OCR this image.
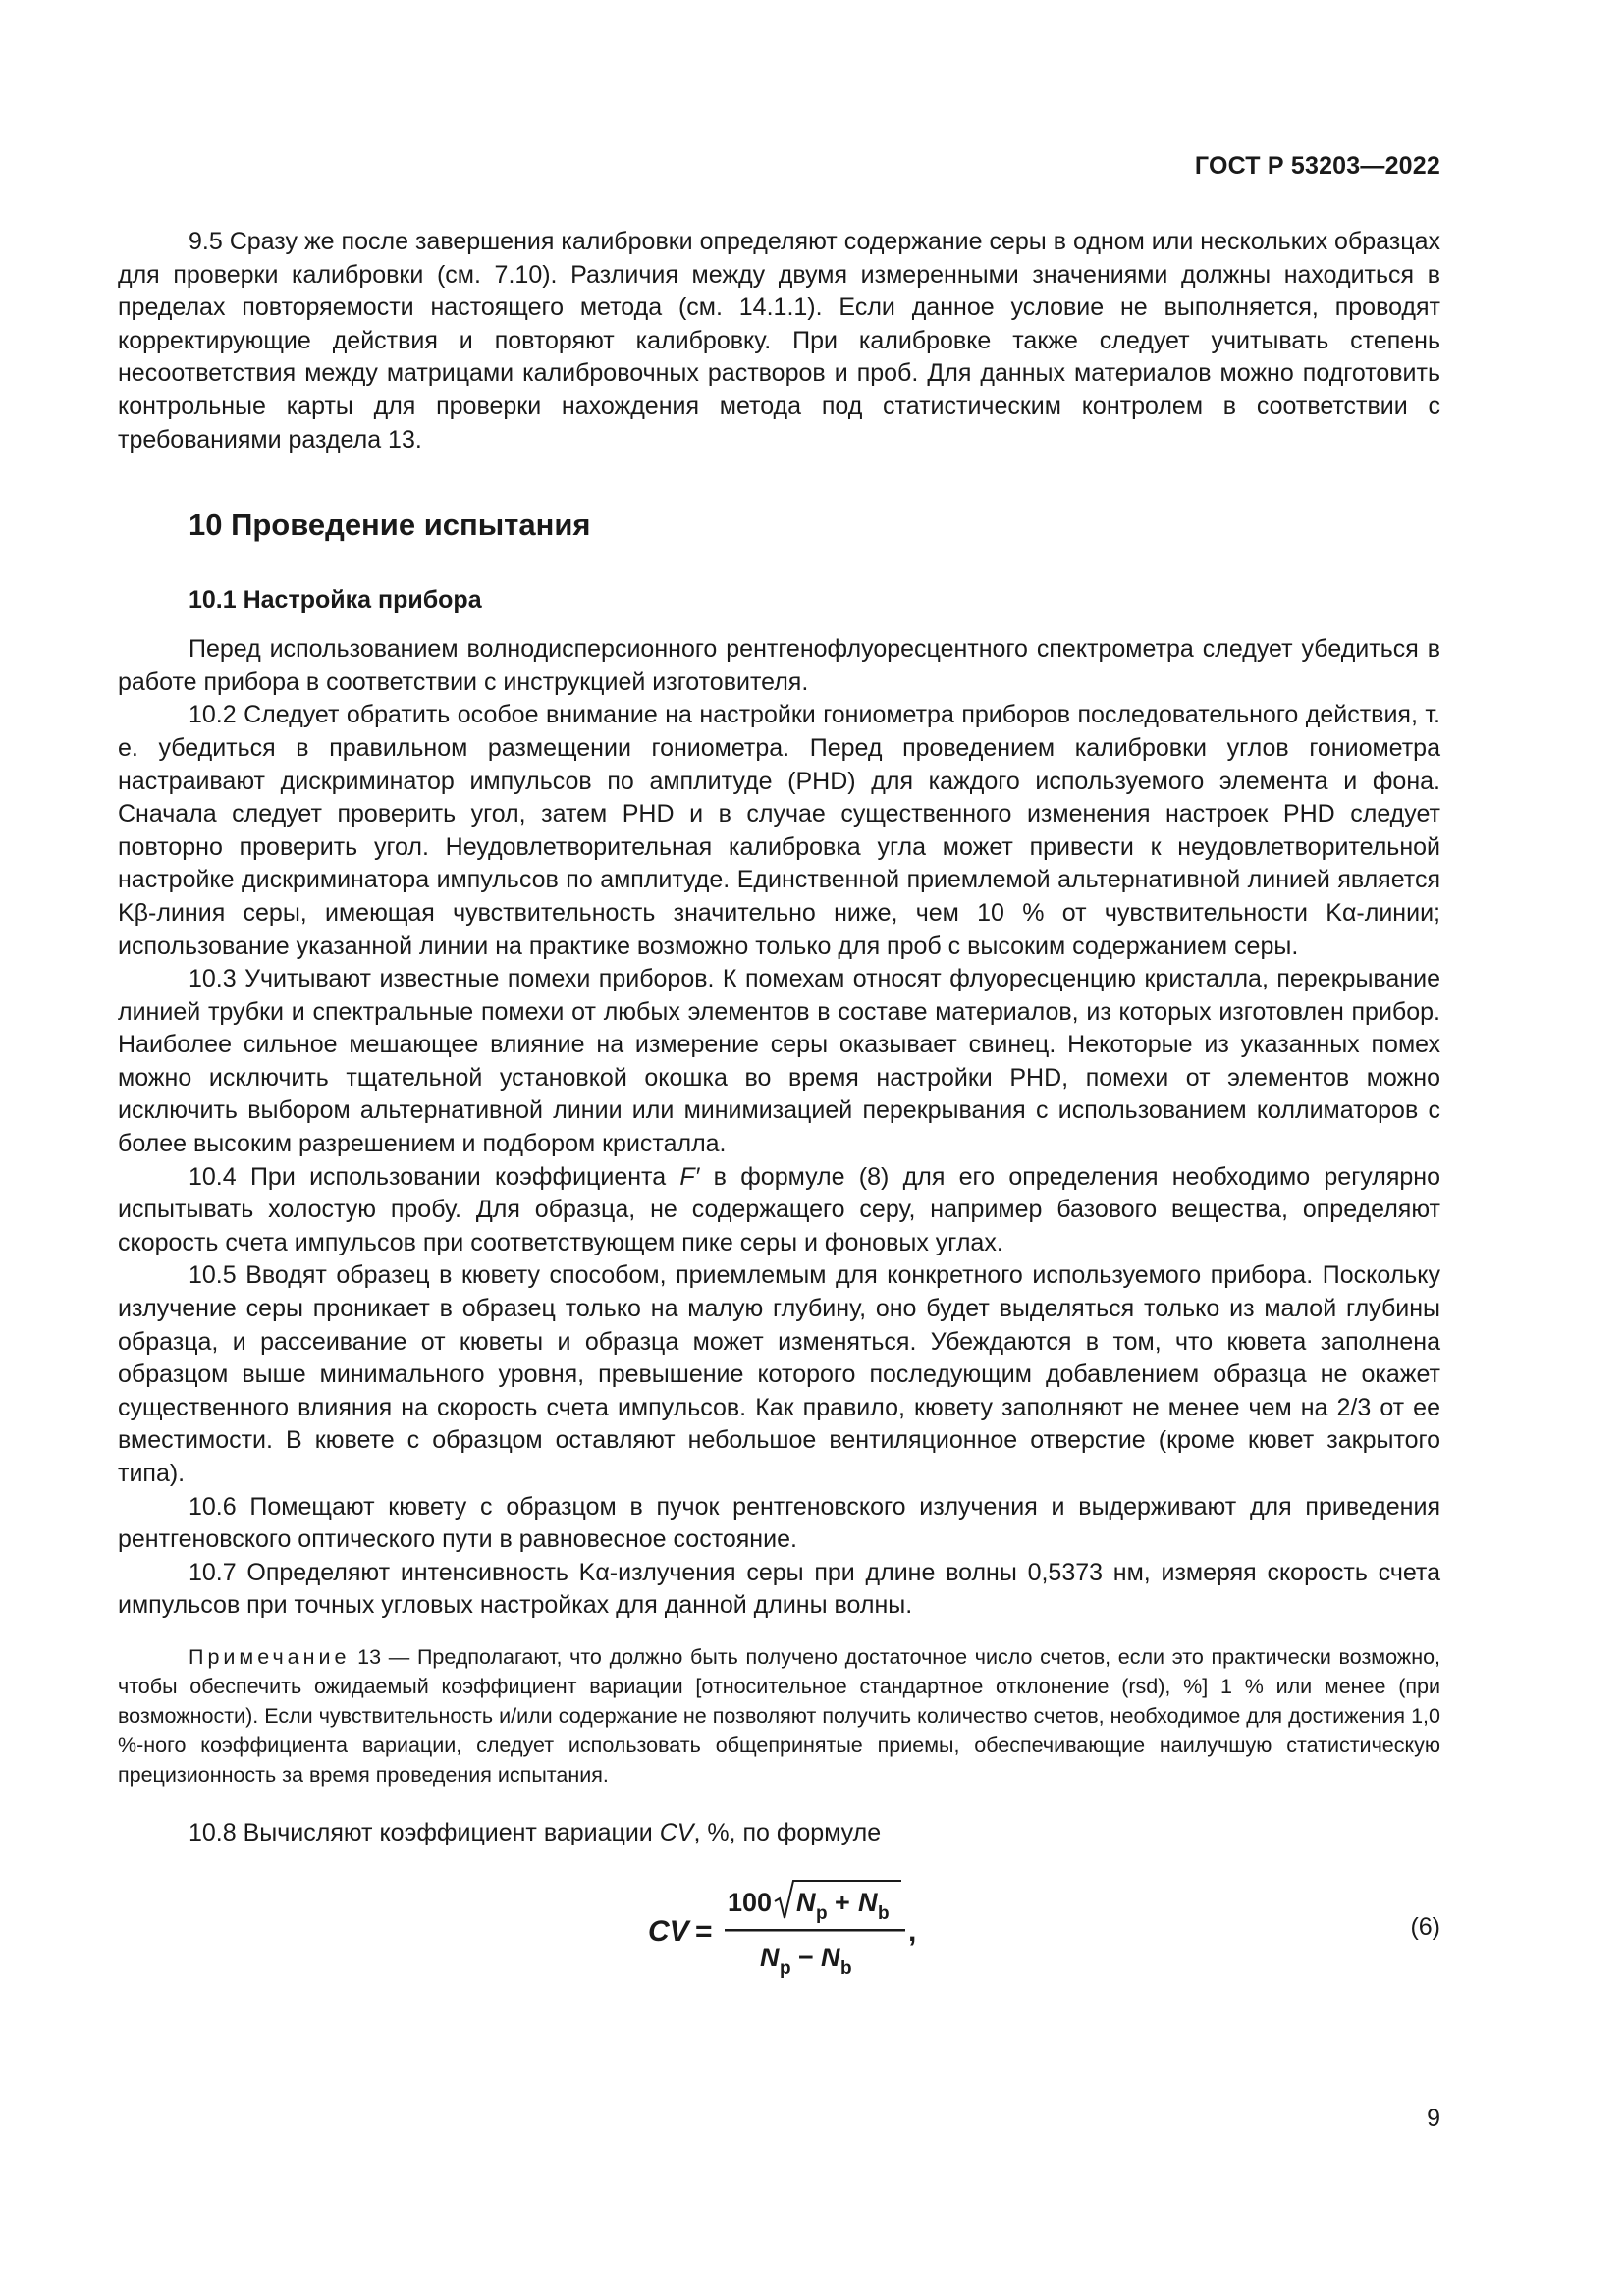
ГОСТ Р 53203—2022

9.5 Сразу же после завершения калибровки определяют содержание серы в одном или нескольких образцах для проверки калибровки (см. 7.10). Различия между двумя измеренными значениями должны находиться в пределах повторяемости настоящего метода (см. 14.1.1). Если данное условие не выполняется, проводят корректирующие действия и повторяют калибровку. При калибровке также следует учитывать степень несоответствия между матрицами калибровочных растворов и проб. Для данных материалов можно подготовить контрольные карты для проверки нахождения метода под статистическим контролем в соответствии с требованиями раздела 13.

10 Проведение испытания
10.1 Настройка прибора

Перед использованием волнодисперсионного рентгенофлуоресцентного спектрометра следует убедиться в работе прибора в соответствии с инструкцией изготовителя.

10.2 Следует обратить особое внимание на настройки гониометра приборов последовательного действия, т. е. убедиться в правильном размещении гониометра. Перед проведением калибровки углов гониометра настраивают дискриминатор импульсов по амплитуде (PHD) для каждого используемого элемента и фона. Сначала следует проверить угол, затем PHD и в случае существенного изменения настроек PHD следует повторно проверить угол. Неудовлетворительная калибровка угла может привести к неудовлетворительной настройке дискриминатора импульсов по амплитуде. Единственной приемлемой альтернативной линией является Kβ-линия серы, имеющая чувствительность значительно ниже, чем 10 % от чувствительности Kα-линии; использование указанной линии на практике возможно только для проб с высоким содержанием серы.

10.3 Учитывают известные помехи приборов. К помехам относят флуоресценцию кристалла, перекрывание линией трубки и спектральные помехи от любых элементов в составе материалов, из которых изготовлен прибор. Наиболее сильное мешающее влияние на измерение серы оказывает свинец. Некоторые из указанных помех можно исключить тщательной установкой окошка во время настройки PHD, помехи от элементов можно исключить выбором альтернативной линии или минимизацией перекрывания с использованием коллиматоров с более высоким разрешением и подбором кристалла.

10.4 При использовании коэффициента F′ в формуле (8) для его определения необходимо регулярно испытывать холостую пробу. Для образца, не содержащего серу, например базового вещества, определяют скорость счета импульсов при соответствующем пике серы и фоновых углах.

10.5 Вводят образец в кювету способом, приемлемым для конкретного используемого прибора. Поскольку излучение серы проникает в образец только на малую глубину, оно будет выделяться только из малой глубины образца, и рассеивание от кюветы и образца может изменяться. Убеждаются в том, что кювета заполнена образцом выше минимального уровня, превышение которого последующим добавлением образца не окажет существенного влияния на скорость счета импульсов. Как правило, кювету заполняют не менее чем на 2/3 от ее вместимости. В кювете с образцом оставляют небольшое вентиляционное отверстие (кроме кювет закрытого типа).

10.6 Помещают кювету с образцом в пучок рентгеновского излучения и выдерживают для приведения рентгеновского оптического пути в равновесное состояние.

10.7 Определяют интенсивность Kα-излучения серы при длине волны 0,5373 нм, измеряя скорость счета импульсов при точных угловых настройках для данной длины волны.

Примечание 13 — Предполагают, что должно быть получено достаточное число счетов, если это практически возможно, чтобы обеспечить ожидаемый коэффициент вариации [относительное стандартное отклонение (rsd), %] 1 % или менее (при возможности). Если чувствительность и/или содержание не позволяют получить количество счетов, необходимое для достижения 1,0 %-ного коэффициента вариации, следует использовать общепринятые приемы, обеспечивающие наилучшую статистическую прецизионность за время проведения испытания.

10.8 Вычисляют коэффициент вариации CV, %, по формуле

CV =
100 N p + N b
N p − N b
,	(6)
9
